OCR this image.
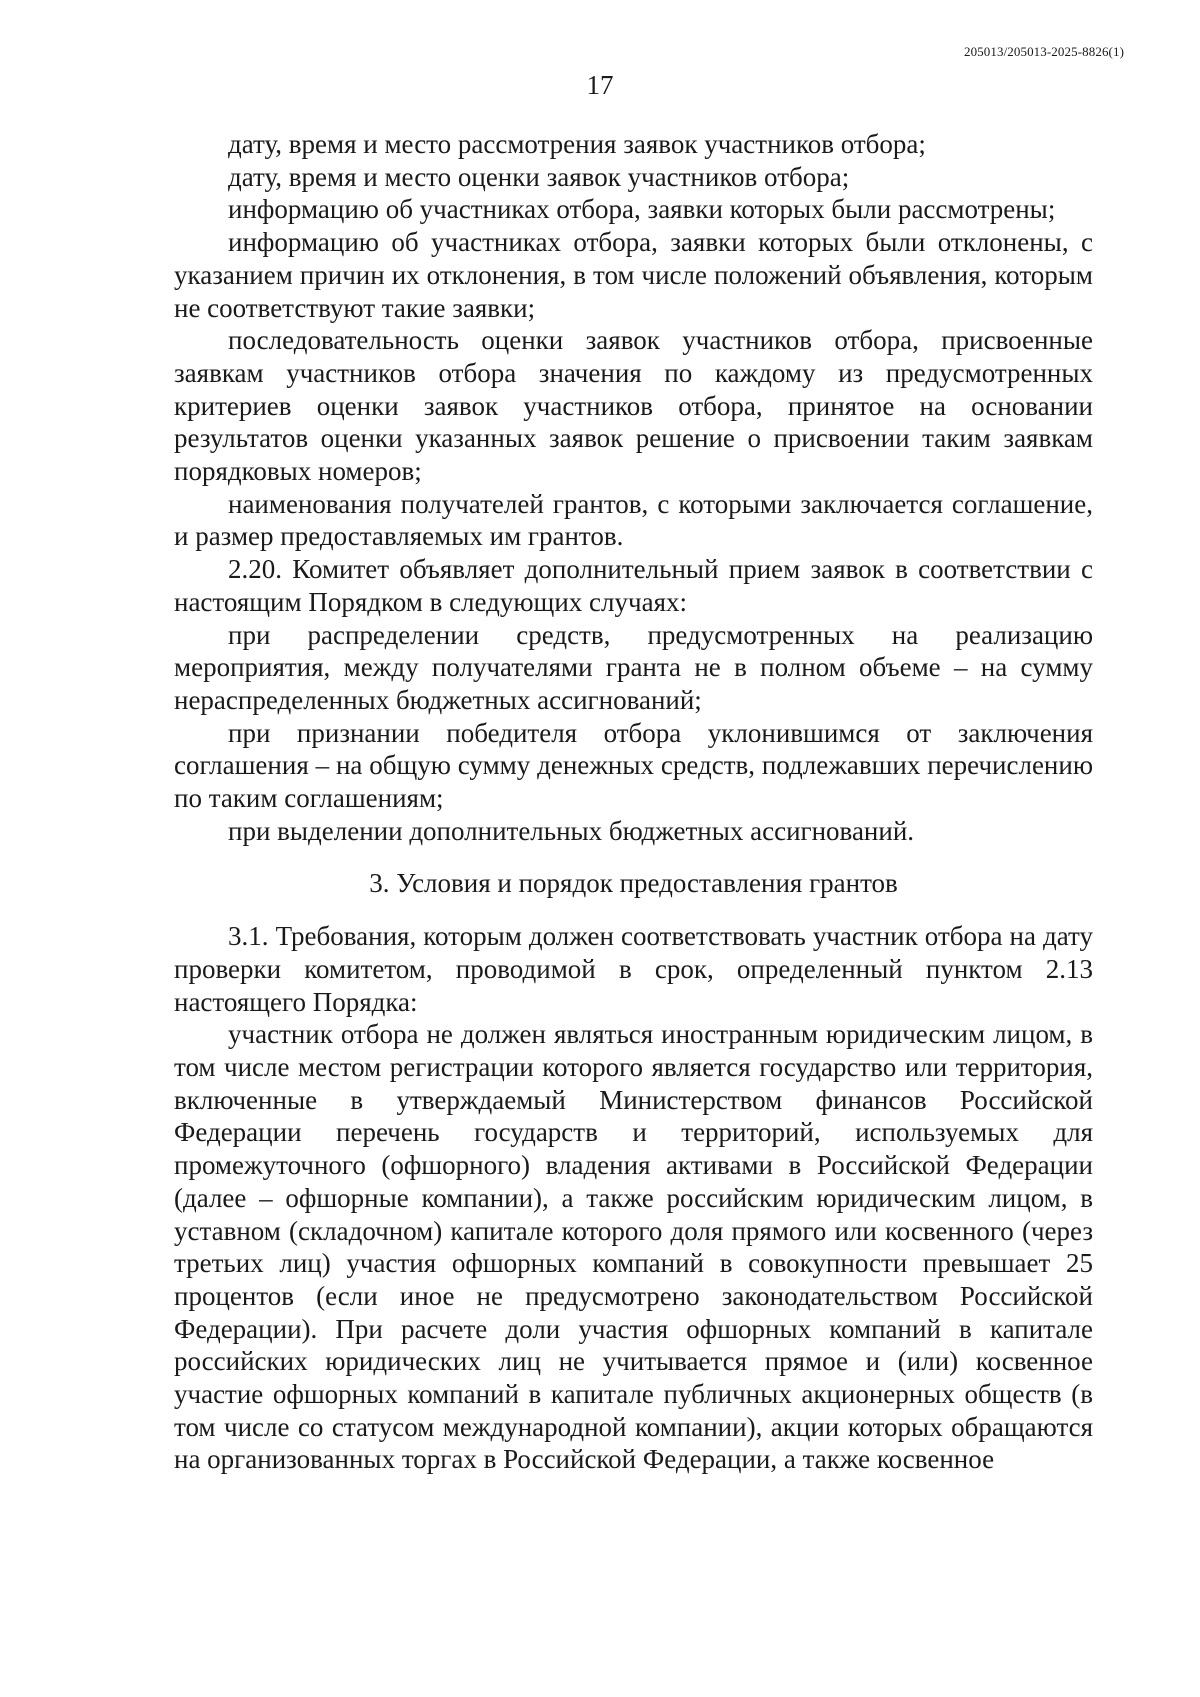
205013/205013-2025-8826(1)
17

дату, время и место рассмотрения заявок участников отбора;

дату, время и место оценки заявок участников отбора;

информацию об участниках отбора, заявки которых были рассмотрены;

информацию об участниках отбора, заявки которых были отклонены, с указанием причин их отклонения, в том числе положений объявления, которым не соответствуют такие заявки;

последовательность оценки заявок участников отбора, присвоенные заявкам участников отбора значения по каждому из предусмотренных критериев оценки заявок участников отбора, принятое на основании результатов оценки указанных заявок решение о присвоении таким заявкам порядковых номеров;

наименования получателей грантов, с которыми заключается соглашение, и размер предоставляемых им грантов.

2.20. Комитет объявляет дополнительный прием заявок в соответствии с настоящим Порядком в следующих случаях:

при распределении средств, предусмотренных на реализацию мероприятия, между получателями гранта не в полном объеме – на сумму нераспределенных бюджетных ассигнований;

при признании победителя отбора уклонившимся от заключения соглашения – на общую сумму денежных средств, подлежавших перечислению по таким соглашениям;

при выделении дополнительных бюджетных ассигнований.

3. Условия и порядок предоставления грантов

3.1. Требования, которым должен соответствовать участник отбора на дату проверки комитетом, проводимой в срок, определенный пунктом 2.13 настоящего Порядка:

участник отбора не должен являться иностранным юридическим лицом, в том числе местом регистрации которого является государство или территория, включенные в утверждаемый Министерством финансов Российской Федерации перечень государств и территорий, используемых для промежуточного (офшорного) владения активами в Российской Федерации (далее – офшорные компании), а также российским юридическим лицом, в уставном (складочном) капитале которого доля прямого или косвенного (через третьих лиц) участия офшорных компаний в совокупности превышает 25 процентов (если иное не предусмотрено законодательством Российской Федерации). При расчете доли участия офшорных компаний в капитале российских юридических лиц не учитывается прямое и (или) косвенное участие офшорных компаний в капитале публичных акционерных обществ (в том числе со статусом международной компании), акции которых обращаются на организованных торгах в Российской Федерации, а также косвенное
